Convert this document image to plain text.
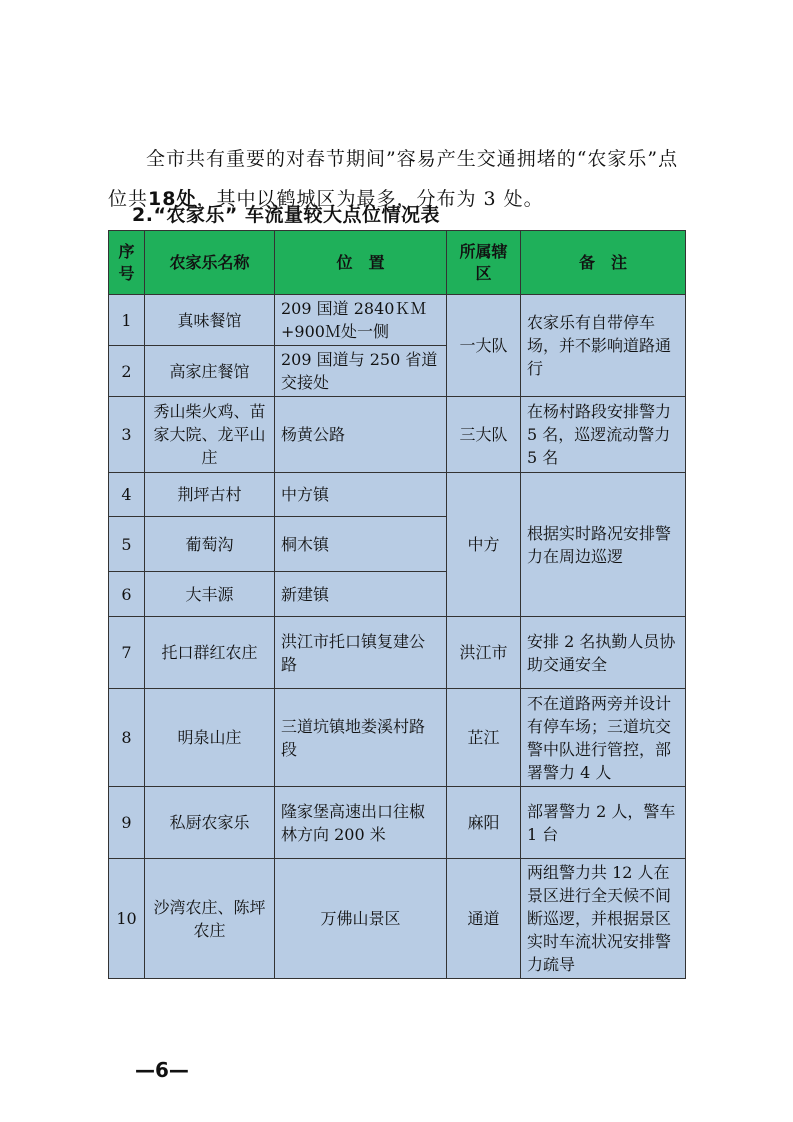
全市共有重要的对春节期间”容易产生交通拥堵的“农家乐”点位共18处，其中以鹤城区为最多，分布为 3 处。

2.“农家乐” 车流量较大点位情况表
序号	农家乐名称	位　置	所属辖区	备　注
1	真味餐馆	209 国道 2840ＫＭ+900Ｍ处一侧	一大队	农家乐有自带停车场，并不影响道路通行
2	高家庄餐馆	209 国道与 250 省道交接处		
3	秀山柴火鸡、苗家大院、龙平山庄	杨黄公路	三大队	在杨村路段安排警力 5 名，巡逻流动警力 5 名
4	荆坪古村	中方镇	中方	根据实时路况安排警力在周边巡逻
5	葡萄沟	桐木镇		
6	大丰源	新建镇		
7	托口群红农庄	洪江市托口镇复建公路	洪江市	安排 2 名执勤人员协助交通安全
8	明泉山庄	三道坑镇地娄溪村路段	芷江	不在道路两旁并设计有停车场；三道坑交警中队进行管控，部署警力 4 人
9	私厨农家乐	隆家堡高速出口往椒林方向 200 米	麻阳	部署警力 2 人，警车 1 台
10	沙湾农庄、陈坪农庄	万佛山景区	通道	两组警力共 12 人在景区进行全天候不间断巡逻，并根据景区实时车流状况安排警力疏导
—6—
